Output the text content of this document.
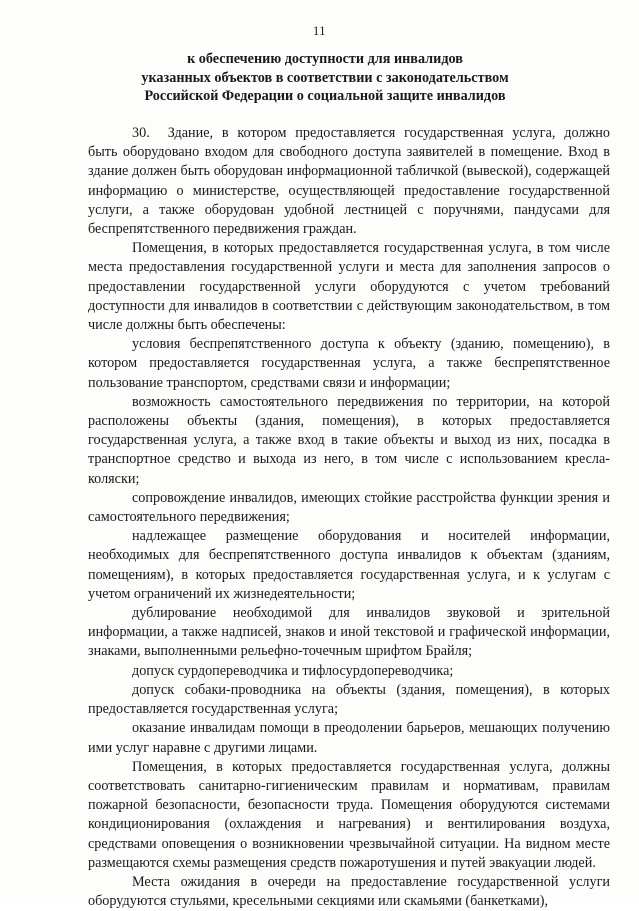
11
к обеспечению доступности для инвалидов
указанных объектов в соответствии с законодательством
Российской Федерации о социальной защите инвалидов

30. Здание, в котором предоставляется государственная услуга, должно быть оборудовано входом для свободного доступа заявителей в помещение. Вход в здание должен быть оборудован информационной табличкой (вывеской), содержащей информацию о министерстве, осуществляющей предоставление государственной услуги, а также оборудован удобной лестницей с поручнями, пандусами для беспрепятственного передвижения граждан.

Помещения, в которых предоставляется государственная услуга, в том числе места предоставления государственной услуги и места для заполнения запросов о предоставлении государственной услуги оборудуются с учетом требований доступности для инвалидов в соответствии с действующим законодательством, в том числе должны быть обеспечены:

условия беспрепятственного доступа к объекту (зданию, помещению), в котором предоставляется государственная услуга, а также беспрепятственное пользование транспортом, средствами связи и информации;

возможность самостоятельного передвижения по территории, на которой расположены объекты (здания, помещения), в которых предоставляется государственная услуга, а также вход в такие объекты и выход из них, посадка в транспортное средство и выхода из него, в том числе с использованием кресла-коляски;

сопровождение инвалидов, имеющих стойкие расстройства функции зрения и самостоятельного передвижения;

надлежащее размещение оборудования и носителей информации, необходимых для беспрепятственного доступа инвалидов к объектам (зданиям, помещениям), в которых предоставляется государственная услуга, и к услугам с учетом ограничений их жизнедеятельности;

дублирование необходимой для инвалидов звуковой и зрительной информации, а также надписей, знаков и иной текстовой и графической информации, знаками, выполненными рельефно-точечным шрифтом Брайля;

допуск сурдопереводчика и тифлосурдопереводчика;

допуск собаки-проводника на объекты (здания, помещения), в которых предоставляется государственная услуга;

оказание инвалидам помощи в преодолении барьеров, мешающих получению ими услуг наравне с другими лицами.

Помещения, в которых предоставляется государственная услуга, должны соответствовать санитарно-гигиеническим правилам и нормативам, правилам пожарной безопасности, безопасности труда. Помещения оборудуются системами кондиционирования (охлаждения и нагревания) и вентилирования воздуха, средствами оповещения о возникновении чрезвычайной ситуации. На видном месте размещаются схемы размещения средств пожаротушения и путей эвакуации людей.

Места ожидания в очереди на предоставление государственной услуги оборудуются стульями, кресельными секциями или скамьями (банкетками),
